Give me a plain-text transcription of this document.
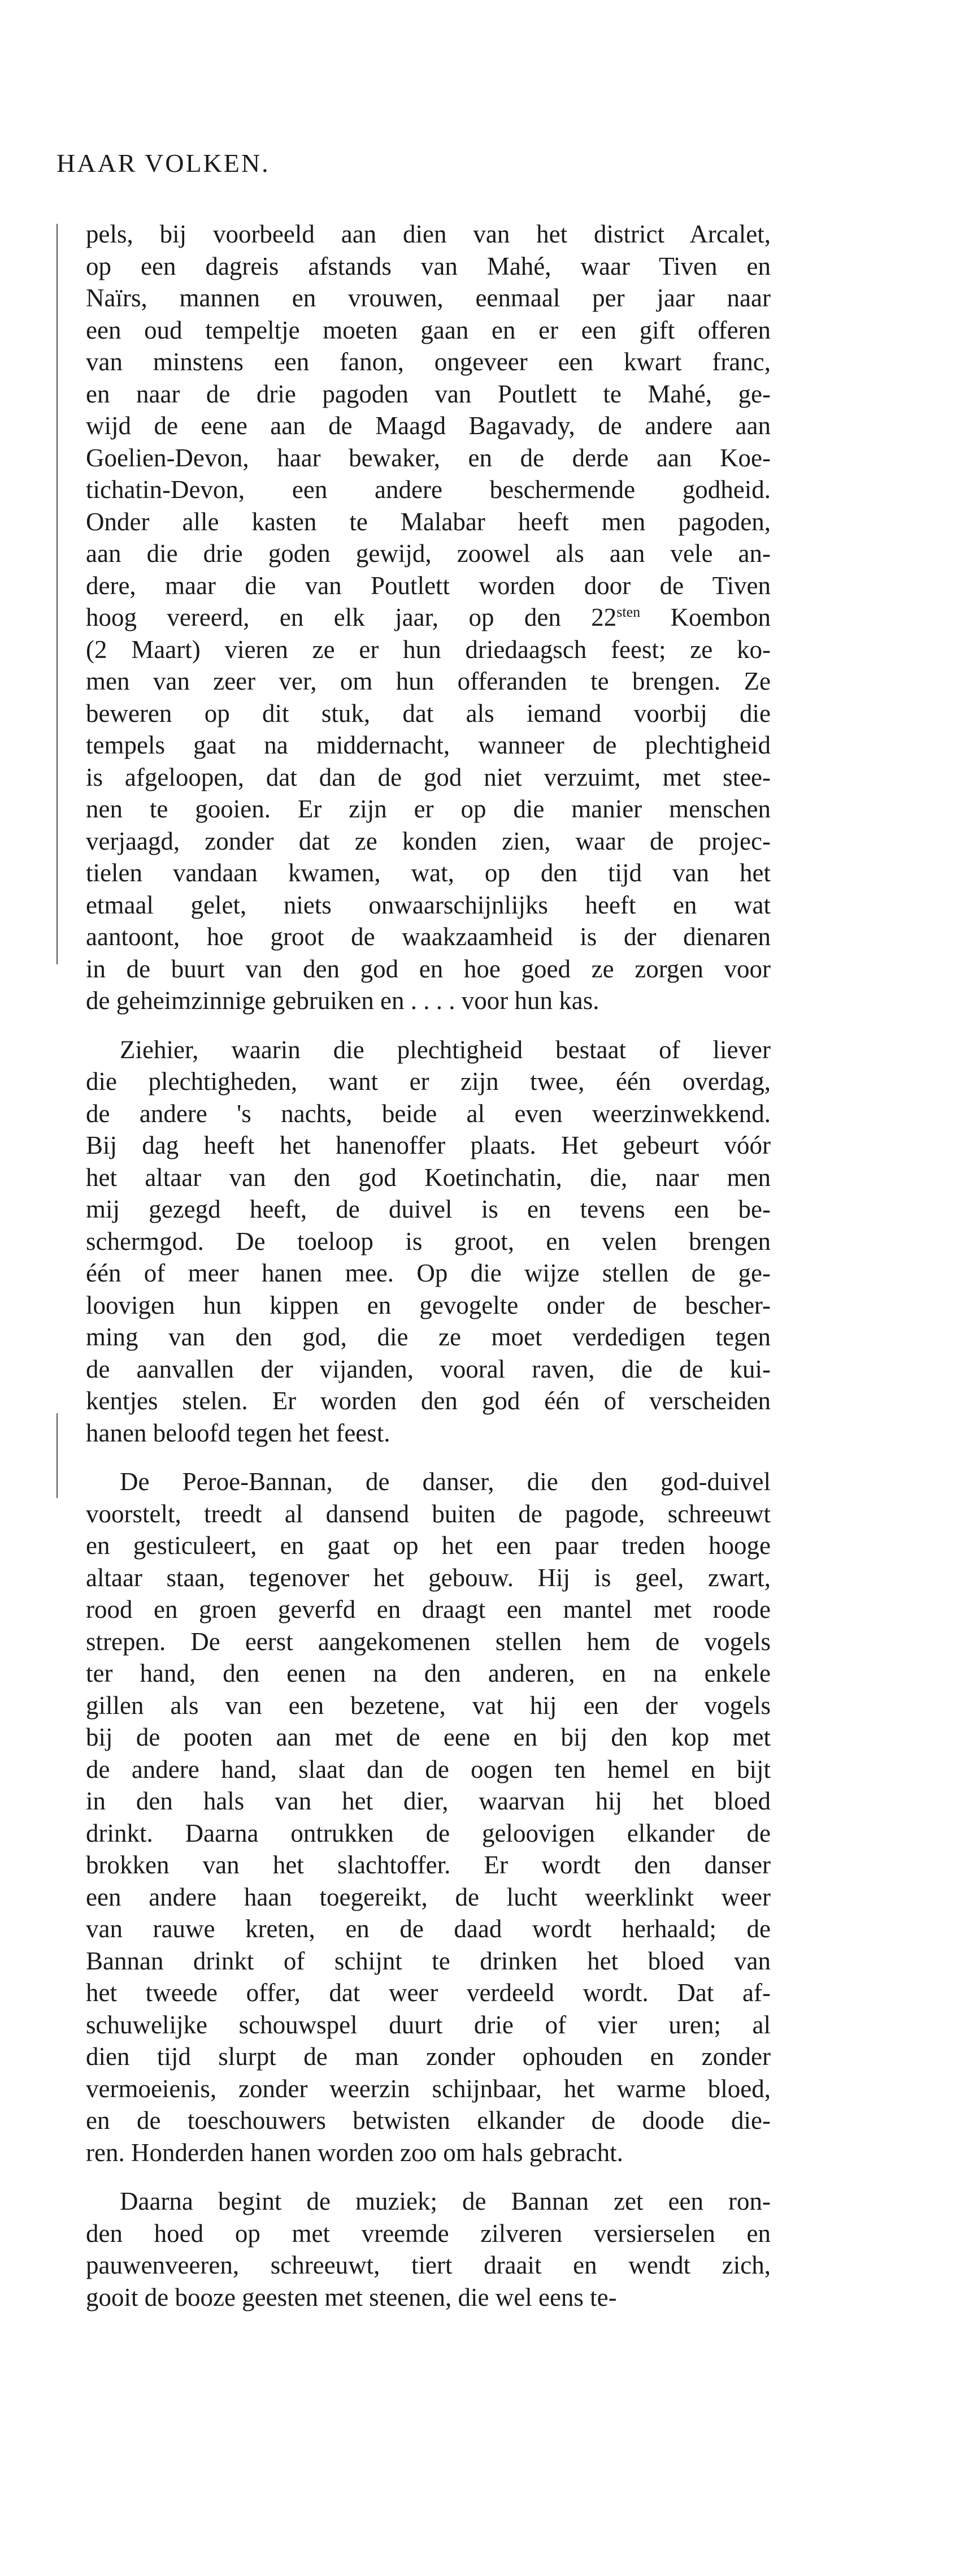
HAAR VOLKEN.
pels, bij voorbeeld aan dien van het district Arcalet,
op een dagreis afstands van Mahé, waar Tiven en
Naïrs, mannen en vrouwen, eenmaal per jaar naar
een oud tempeltje moeten gaan en er een gift offeren
van minstens een fanon, ongeveer een kwart franc,
en naar de drie pagoden van Poutlett te Mahé, ge-
wijd de eene aan de Maagd Bagavady, de andere aan
Goelien-Devon, haar bewaker, en de derde aan Koe-
tichatin-Devon, een andere beschermende godheid.
Onder alle kasten te Malabar heeft men pagoden,
aan die drie goden gewijd, zoowel als aan vele an-
dere, maar die van Poutlett worden door de Tiven
hoog vereerd, en elk jaar, op den $22^{sten}$ Koembon
(2 Maart) vieren ze er hun driedaagsch feest; ze ko-
men van zeer ver, om hun offeranden te brengen. Ze
beweren op dit stuk, dat als iemand voorbij die
tempels gaat na middernacht, wanneer de plechtigheid
is afgeloopen, dat dan de god niet verzuimt, met stee-
nen te gooien. Er zijn er op die manier menschen
verjaagd, zonder dat ze konden zien, waar de projec-
tielen vandaan kwamen, wat, op den tijd van het
etmaal gelet, niets onwaarschijnlijks heeft en wat
aantoont, hoe groot de waakzaamheid is der dienaren
in de buurt van den god en hoe goed ze zorgen voor
de geheimzinnige gebruiken en . . . . voor hun kas.
Ziehier, waarin die plechtigheid bestaat of liever
die plechtigheden, want er zijn twee, één overdag,
de andere 's nachts, beide al even weerzinwekkend.
Bij dag heeft het hanenoffer plaats. Het gebeurt vóór
het altaar van den god Koetinchatin, die, naar men
mij gezegd heeft, de duivel is en tevens een be-
schermgod. De toeloop is groot, en velen brengen
één of meer hanen mee. Op die wijze stellen de ge-
loovigen hun kippen en gevogelte onder de bescher-
ming van den god, die ze moet verdedigen tegen
de aanvallen der vijanden, vooral raven, die de kui-
kentjes stelen. Er worden den god één of verscheiden
hanen beloofd tegen het feest.
De Peroe-Bannan, de danser, die den god-duivel
voorstelt, treedt al dansend buiten de pagode, schreeuwt
en gesticuleert, en gaat op het een paar treden hooge
altaar staan, tegenover het gebouw. Hij is geel, zwart,
rood en groen geverfd en draagt een mantel met roode
strepen. De eerst aangekomenen stellen hem de vogels
ter hand, den eenen na den anderen, en na enkele
gillen als van een bezetene, vat hij een der vogels
bij de pooten aan met de eene en bij den kop met
de andere hand, slaat dan de oogen ten hemel en bijt
in den hals van het dier, waarvan hij het bloed
drinkt. Daarna ontrukken de geloovigen elkander de
brokken van het slachtoffer. Er wordt den danser
een andere haan toegereikt, de lucht weerklinkt weer
van rauwe kreten, en de daad wordt herhaald; de
Bannan drinkt of schijnt te drinken het bloed van
het tweede offer, dat weer verdeeld wordt. Dat af-
schuwelijke schouwspel duurt drie of vier uren; al
dien tijd slurpt de man zonder ophouden en zonder
vermoeienis, zonder weerzin schijnbaar, het warme bloed,
en de toeschouwers betwisten elkander de doode die-
ren. Honderden hanen worden zoo om hals gebracht.
Daarna begint de muziek; de Bannan zet een ron-
den hoed op met vreemde zilveren versierselen en
pauwenveeren, schreeuwt, tiert draait en wendt zich,
gooit de booze geesten met steenen, die wel eens te-
